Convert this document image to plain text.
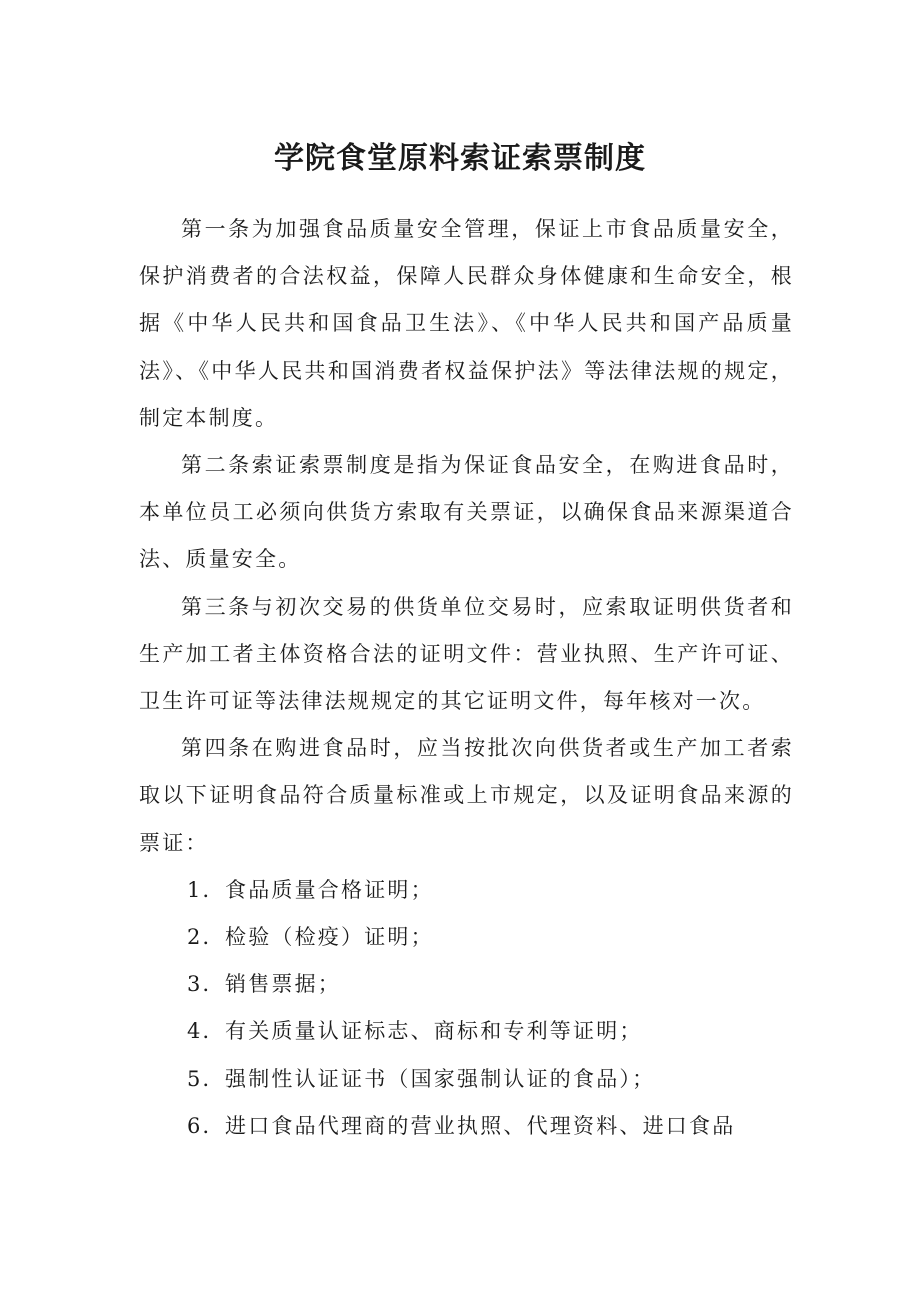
学院食堂原料索证索票制度

第一条为加强食品质量安全管理，保证上市食品质量安全，保护消费者的合法权益，保障人民群众身体健康和生命安全，根据《中华人民共和国食品卫生法》、《中华人民共和国产品质量法》、《中华人民共和国消费者权益保护法》等法律法规的规定，制定本制度。

第二条索证索票制度是指为保证食品安全，在购进食品时，本单位员工必须向供货方索取有关票证，以确保食品来源渠道合法、质量安全。

第三条与初次交易的供货单位交易时，应索取证明供货者和生产加工者主体资格合法的证明文件：营业执照、生产许可证、卫生许可证等法律法规规定的其它证明文件，每年核对一次。

第四条在购进食品时，应当按批次向供货者或生产加工者索取以下证明食品符合质量标准或上市规定，以及证明食品来源的票证：

1．食品质量合格证明；

2．检验（检疫）证明；

3．销售票据；

4．有关质量认证标志、商标和专利等证明；

5．强制性认证证书（国家强制认证的食品）；

6．进口食品代理商的营业执照、代理资料、进口食品
